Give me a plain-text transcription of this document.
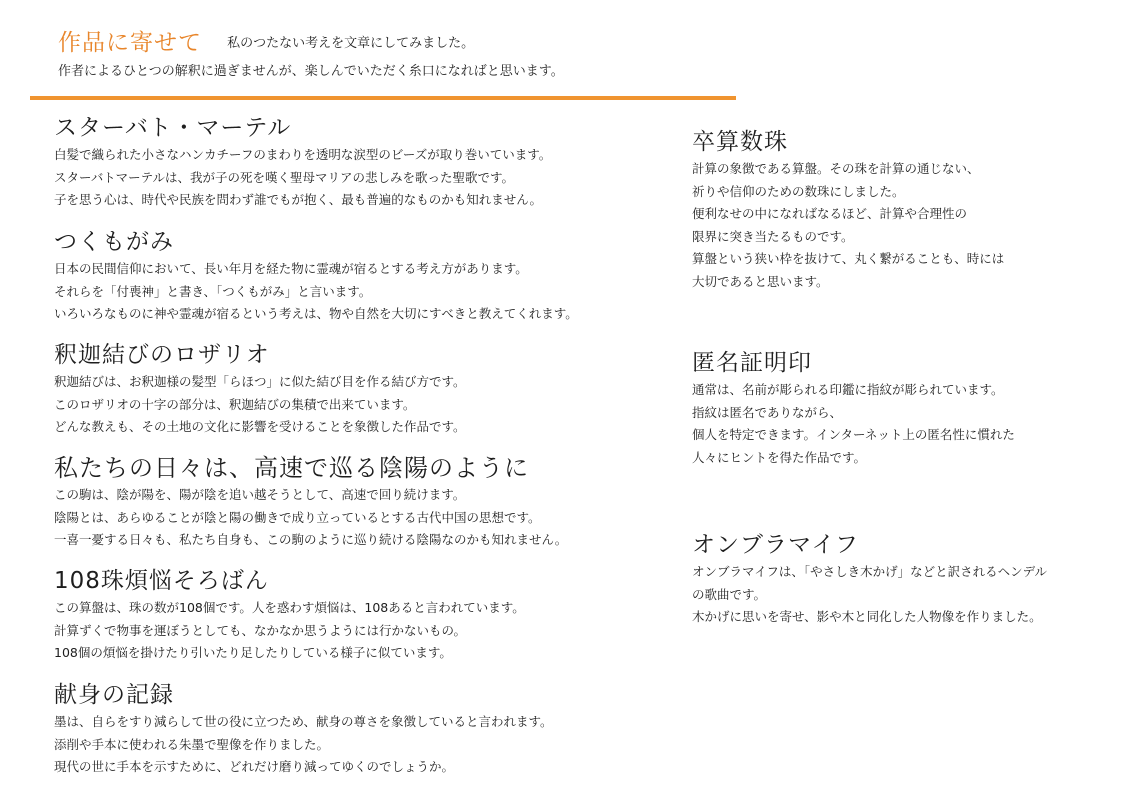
作品に寄せて 私のつたない考えを文章にしてみました。
作者によるひとつの解釈に過ぎませんが、楽しんでいただく糸口になればと思います。
スターバト・マーテル
白髪で織られた小さなハンカチーフのまわりを透明な涙型のビーズが取り巻いています。
スターバトマーテルは、我が子の死を嘆く聖母マリアの悲しみを歌った聖歌です。
子を思う心は、時代や民族を問わず誰でもが抱く、最も普遍的なものかも知れません。
つくもがみ
日本の民間信仰において、長い年月を経た物に霊魂が宿るとする考え方があります。
それらを「付喪神」と書き、「つくもがみ」と言います。
いろいろなものに神や霊魂が宿るという考えは、物や自然を大切にすべきと教えてくれます。
釈迦結びのロザリオ
釈迦結びは、お釈迦様の髪型「らほつ」に似た結び目を作る結び方です。
このロザリオの十字の部分は、釈迦結びの集積で出来ています。
どんな教えも、その土地の文化に影響を受けることを象徴した作品です。
私たちの日々は、高速で巡る陰陽のように
この駒は、陰が陽を、陽が陰を追い越そうとして、高速で回り続けます。
陰陽とは、あらゆることが陰と陽の働きで成り立っているとする古代中国の思想です。
一喜一憂する日々も、私たち自身も、この駒のように巡り続ける陰陽なのかも知れません。
108珠煩悩そろばん
この算盤は、珠の数が108個です。人を惑わす煩悩は、108あると言われています。
計算ずくで物事を運ぼうとしても、なかなか思うようには行かないもの。
108個の煩悩を掛けたり引いたり足したりしている様子に似ています。
献身の記録
墨は、自らをすり減らして世の役に立つため、献身の尊さを象徴していると言われます。
添削や手本に使われる朱墨で聖像を作りました。
現代の世に手本を示すために、どれだけ磨り減ってゆくのでしょうか。
卒算数珠
計算の象徴である算盤。その珠を計算の通じない、
祈りや信仰のための数珠にしました。
便利なせの中になればなるほど、計算や合理性の
限界に突き当たるものです。
算盤という狭い枠を抜けて、丸く繋がることも、時には
大切であると思います。
匿名証明印
通常は、名前が彫られる印鑑に指紋が彫られています。
指紋は匿名でありながら、
個人を特定できます。インターネット上の匿名性に慣れた
人々にヒントを得た作品です。
オンブラマイフ
オンブラマイフは、「やさしき木かげ」などと訳されるヘンデル
の歌曲です。
木かげに思いを寄せ、影や木と同化した人物像を作りました。
